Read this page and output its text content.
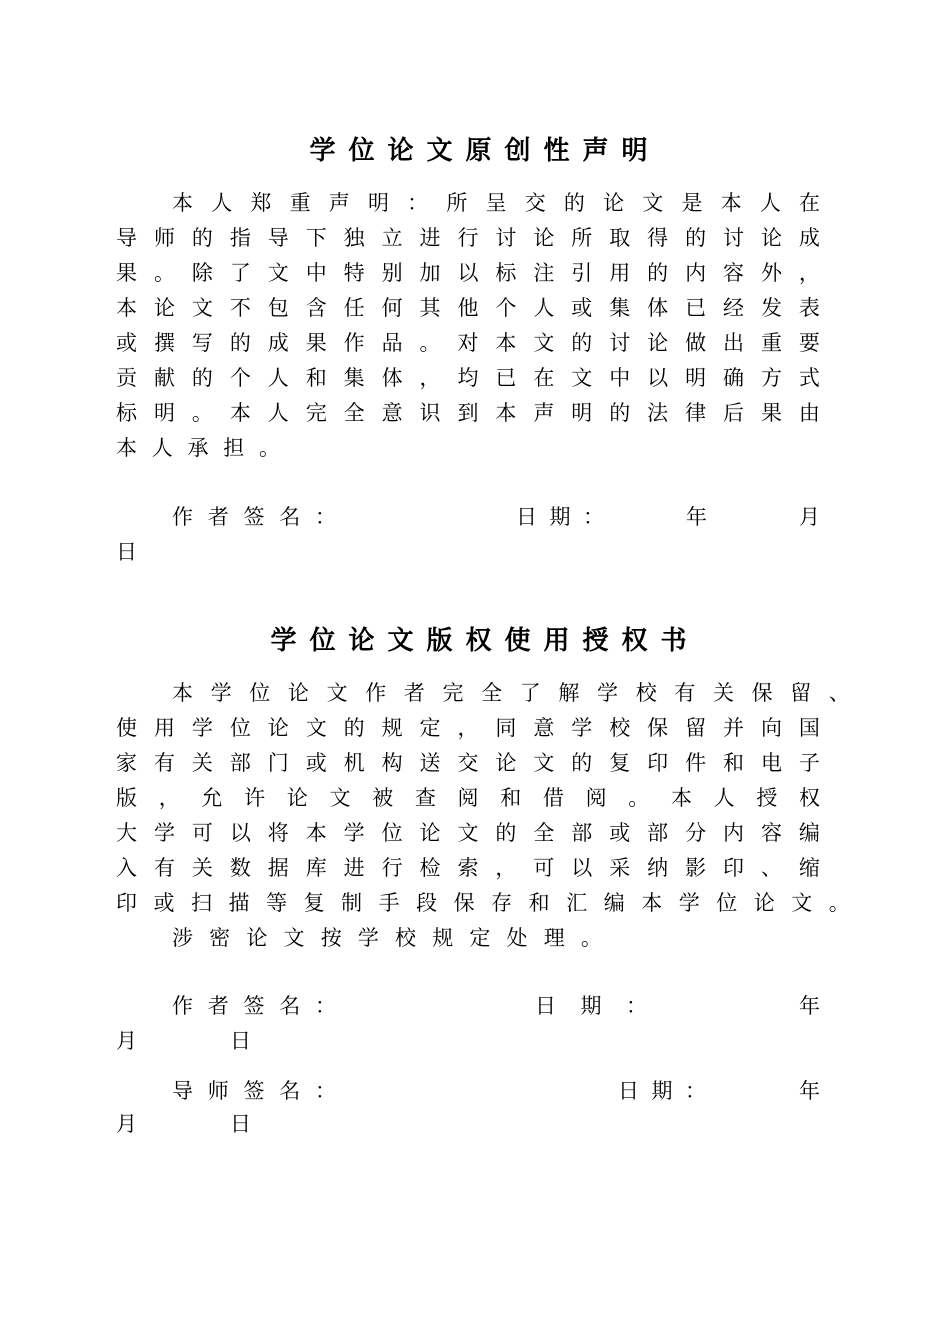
学位论文原创性声明
本 人 郑 重 声 明 ： 所 呈 交 的 论 文 是 本 人 在
导 师 的 指 导 下 独 立 进 行 讨 论 所 取 得 的 讨 论 成
果 。 除 了 文 中 特 别 加 以 标 注 引 用 的 内 容 外 ，
本 论 文 不 包 含 任 何 其 他 个 人 或 集 体 已 经 发 表
或 撰 写 的 成 果 作 品 。 对 本 文 的 讨 论 做 出 重 要
贡 献 的 个 人 和 集 体 ， 均 已 在 文 中 以 明 确 方 式
标 明 。 本 人 完 全 意 识 到 本 声 明 的 法 律 后 果 由
本 人 承 担 。
作 者 签 名 ：	日 期 ：	年	月
日
学位论文版权使用授权书
本 学 位 论 文 作 者 完 全 了 解 学 校 有 关 保 留 、
使 用 学 位 论 文 的 规 定 ， 同 意 学 校 保 留 并 向 国
家 有 关 部 门 或 机 构 送 交 论 文 的 复 印 件 和 电 子
版 ， 允 许 论 文 被 查 阅 和 借 阅 。 本 人 授 权
大 学 可 以 将 本 学 位 论 文 的 全 部 或 部 分 内 容 编
入 有 关 数 据 库 进 行 检 索 ， 可 以 采 纳 影 印 、 缩
印 或 扫 描 等 复 制 手 段 保 存 和 汇 编 本 学 位 论 文 。
涉 密 论 文 按 学 校 规 定 处 理 。
作 者 签 名 ：	日 期 ：	年
月	日
导 师 签 名 ：	日 期 ：	年
月	日
